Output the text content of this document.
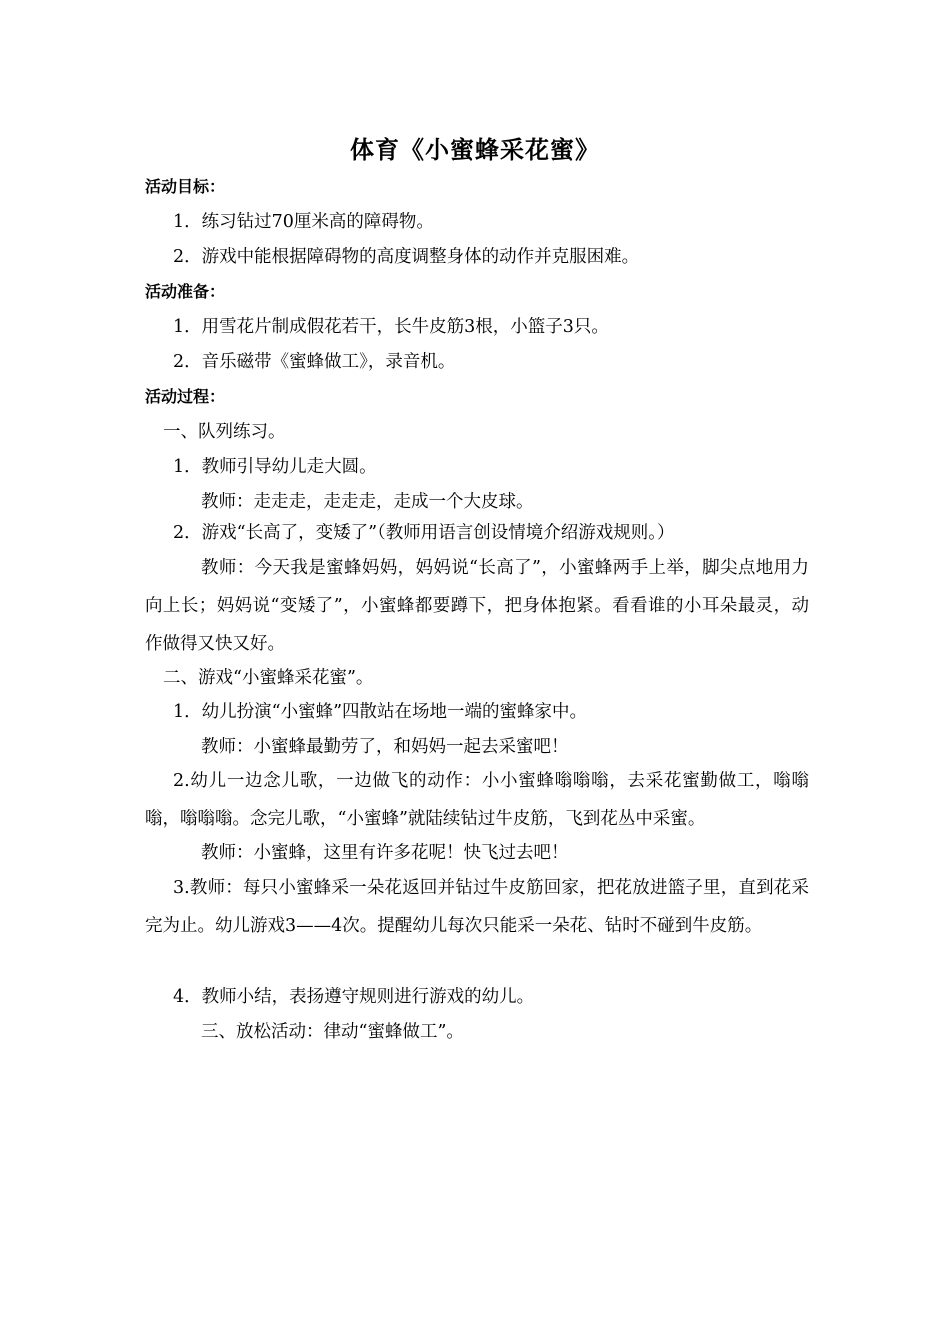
体育《小蜜蜂采花蜜》
活动目标：
1．练习钻过70厘米高的障碍物。
2．游戏中能根据障碍物的高度调整身体的动作并克服困难。
活动准备：
1．用雪花片制成假花若干，长牛皮筋3根，小篮子3只。
2．音乐磁带《蜜蜂做工》，录音机。
活动过程：
一、队列练习。
1．教师引导幼儿走大圆。
教师：走走走，走走走，走成一个大皮球。
2．游戏“长高了，变矮了”（教师用语言创设情境介绍游戏规则。）
教师：今天我是蜜蜂妈妈，妈妈说“长高了”，小蜜蜂两手上举，脚尖点地用力向上长；妈妈说“变矮了”，小蜜蜂都要蹲下，把身体抱紧。看看谁的小耳朵最灵，动作做得又快又好。
二、游戏“小蜜蜂采花蜜”。
1．幼儿扮演“小蜜蜂”四散站在场地一端的蜜蜂家中。
教师：小蜜蜂最勤劳了，和妈妈一起去采蜜吧！
2.幼儿一边念儿歌，一边做飞的动作：小小蜜蜂嗡嗡嗡，去采花蜜勤做工，嗡嗡嗡，嗡嗡嗡。念完儿歌，“小蜜蜂”就陆续钻过牛皮筋，飞到花丛中采蜜。
教师：小蜜蜂，这里有许多花呢！快飞过去吧！
3.教师：每只小蜜蜂采一朵花返回并钻过牛皮筋回家，把花放进篮子里，直到花采完为止。幼儿游戏3——4次。提醒幼儿每次只能采一朵花、钻时不碰到牛皮筋。
4．教师小结，表扬遵守规则进行游戏的幼儿。
三、放松活动：律动“蜜蜂做工”。
